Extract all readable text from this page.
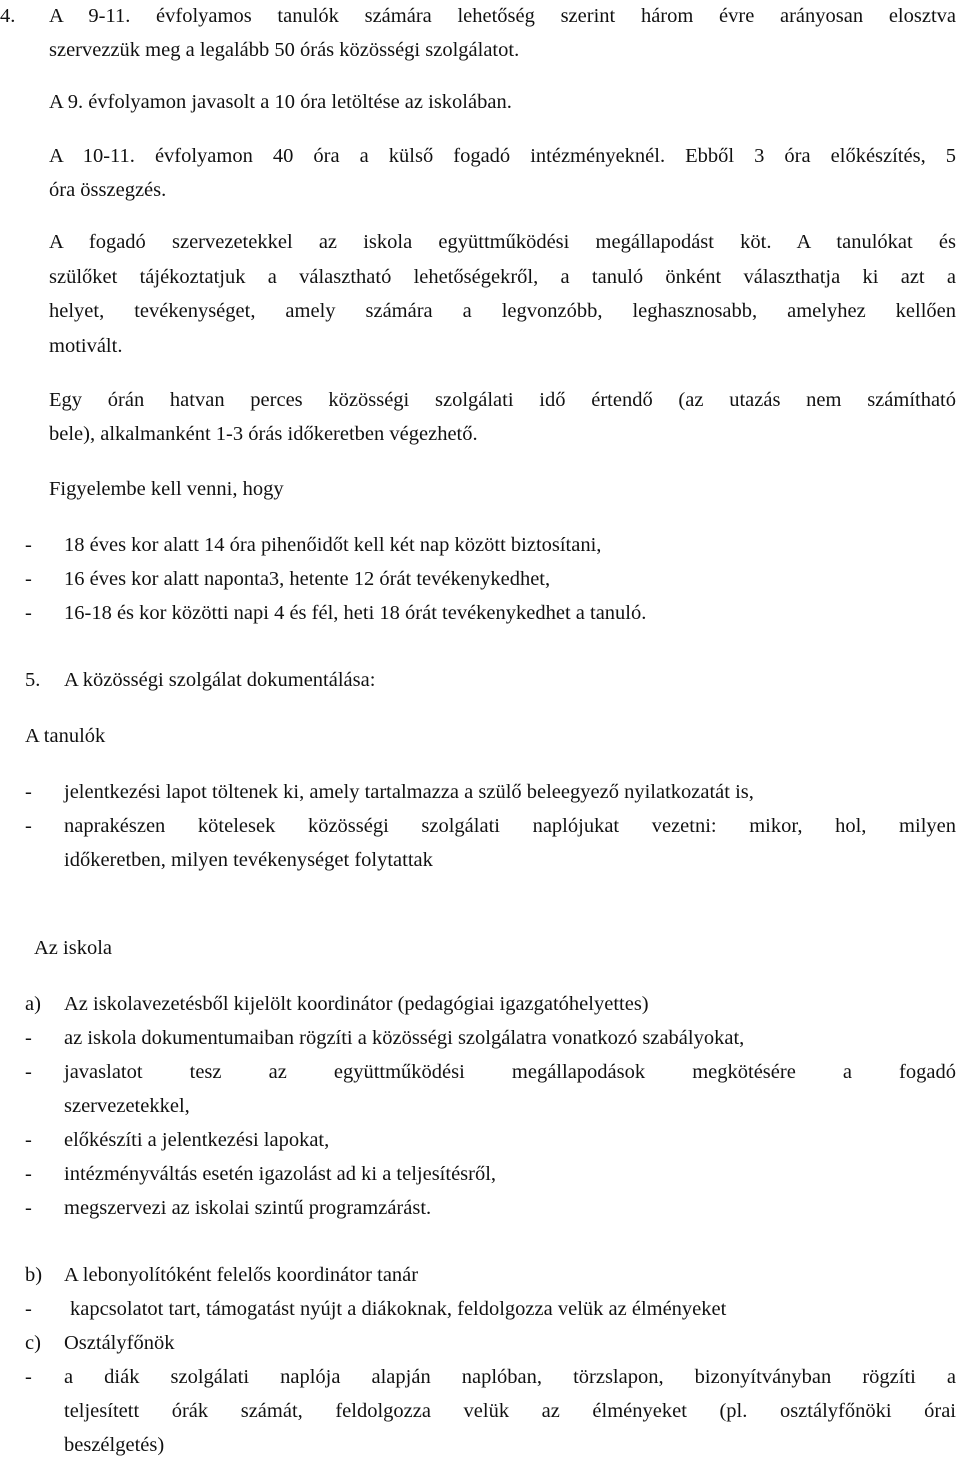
4. A 9-11. évfolyamos tanulók számára lehetőség szerint három évre arányosan elosztva
szervezzük meg a legalább 50 órás közösségi szolgálatot.
A 9. évfolyamon javasolt a 10 óra letöltése az iskolában.
A 10-11. évfolyamon 40 óra a külső fogadó intézményeknél. Ebből 3 óra előkészítés, 5
óra összegzés.
A fogadó szervezetekkel az iskola együttműködési megállapodást köt. A tanulókat és
szülőket tájékoztatjuk a választható lehetőségekről, a tanuló önként választhatja ki azt a
helyet, tevékenységet, amely számára a legvonzóbb, leghasznosabb, amelyhez kellően
motivált.
Egy órán hatvan perces közösségi szolgálati idő értendő (az utazás nem számítható
bele), alkalmanként 1-3 órás időkeretben végezhető.
Figyelembe kell venni, hogy
- 18 éves kor alatt 14 óra pihenőidőt kell két nap között biztosítani,
- 16 éves kor alatt naponta3, hetente 12 órát tevékenykedhet,
- 16-18 és kor közötti napi 4 és fél, heti 18 órát tevékenykedhet a tanuló.
5. A közösségi szolgálat dokumentálása:
A tanulók
- jelentkezési lapot töltenek ki, amely tartalmazza a szülő beleegyező nyilatkozatát is,
- naprakészen kötelesek közösségi szolgálati naplójukat vezetni: mikor, hol, milyen
időkeretben, milyen tevékenységet folytattak
Az iskola
a) Az iskolavezetésből kijelölt koordinátor (pedagógiai igazgatóhelyettes)
- az iskola dokumentumaiban rögzíti a közösségi szolgálatra vonatkozó szabályokat,
- javaslatot tesz az együttműködési megállapodások megkötésére a fogadó
szervezetekkel,
- előkészíti a jelentkezési lapokat,
- intézményváltás esetén igazolást ad ki a teljesítésről,
- megszervezi az iskolai szintű programzárást.
b) A lebonyolítóként felelős koordinátor tanár
- kapcsolatot tart, támogatást nyújt a diákoknak, feldolgozza velük az élményeket
c) Osztályfőnök
- a diák szolgálati naplója alapján naplóban, törzslapon, bizonyítványban rögzíti a
teljesített órák számát, feldolgozza velük az élményeket (pl. osztályfőnöki órai
beszélgetés)
